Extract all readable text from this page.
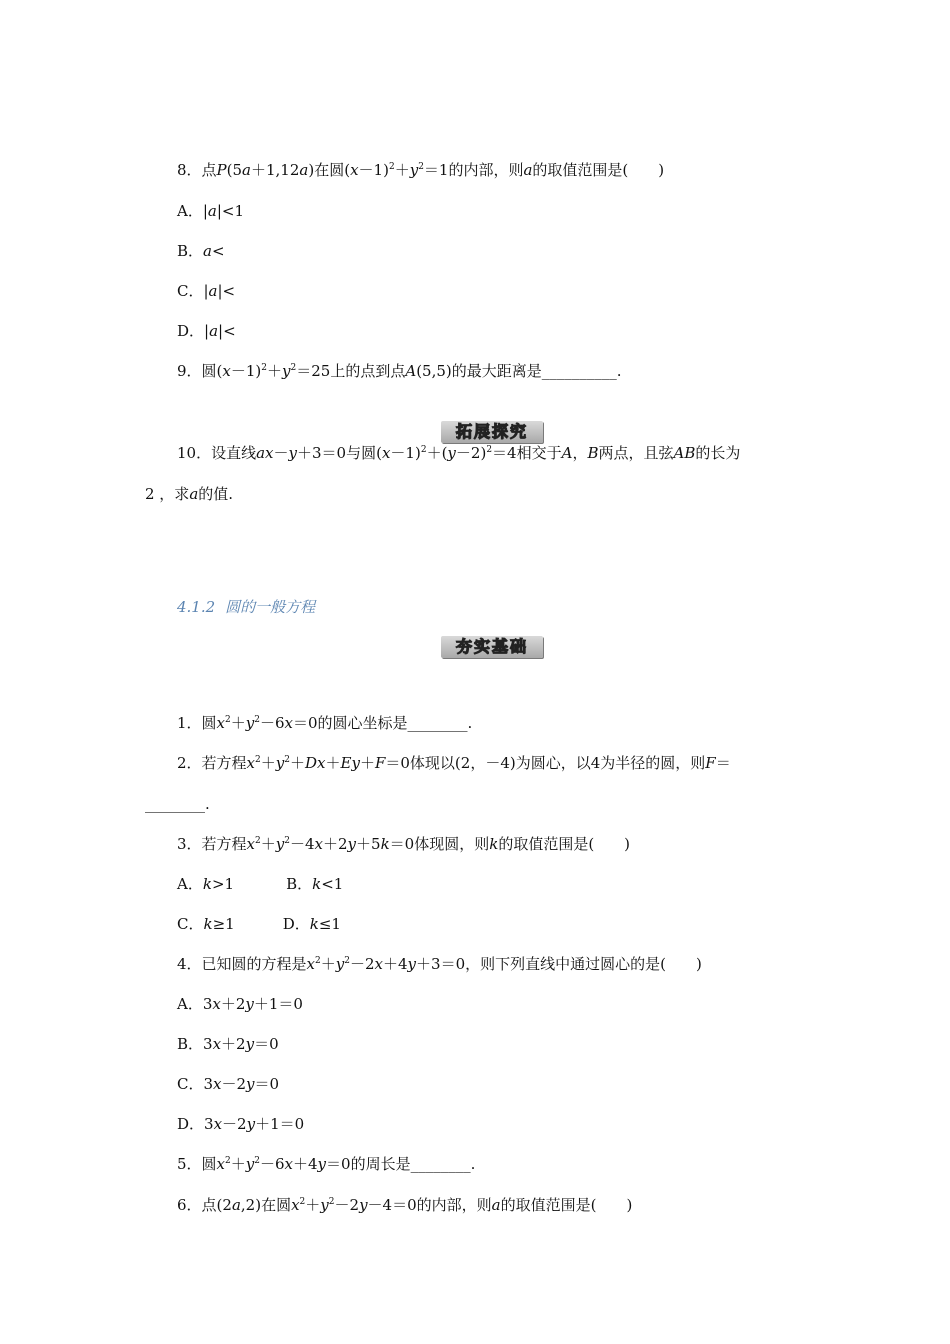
8．点P(5a＋1,12a)在圆$(x-1)^2+y^2=1$的内部，则a的取值范围是(　　)
A．|a|<1
B．a<
C．|a|<
D．|a|<
9．圆$(x-1)^2+y^2=25$上的点到点A(5,5)的最大距离是__________.
拓展探究
10．设直线ax－y＋3＝0与圆$(x-1)^2+(y-2)^2=4$相交于A，B两点，且弦AB的长为
2 ，求a的值.
4.1.2 圆的一般方程
夯实基础
1．圆$x^2+y^2-6x=0$的圆心坐标是________.
2．若方程$x^2+y^2+Dx+Ey+F=0$体现以(2，－4)为圆心，以4为半径的圆，则F＝
________.
3．若方程$x^2+y^2-4x+2y+5k=0$体现圆，则k的取值范围是(　　)
A．k>1	B．k<1
C．k≥1	D．k≤1
4．已知圆的方程是$x^2+y^2-2x+4y+3=0$，则下列直线中通过圆心的是(　　)
A．3x＋2y＋1＝0
B．3x＋2y＝0
C．3x－2y＝0
D．3x－2y＋1＝0
5．圆$x^2+y^2-6x+4y=0$的周长是________.
6．点(2a,2)在圆$x^2+y^2-2y-4=0$的内部，则a的取值范围是(　　)
